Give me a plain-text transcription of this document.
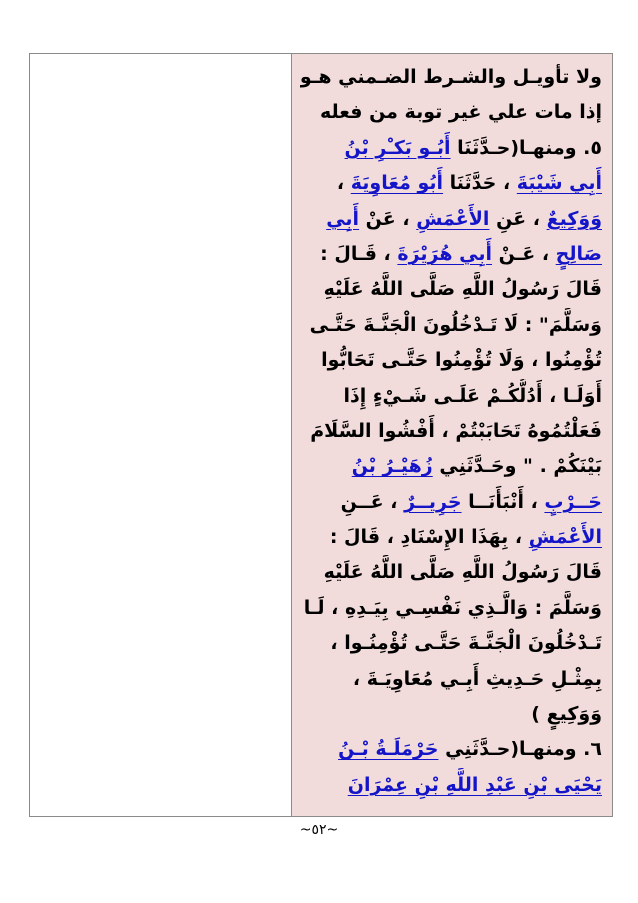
ولا تأويـل والشـرط الضـمني هـو
إذا مات علي غير توبة من فعله
٥. ومنهـا(حـدَّثَنَا أَبُـو بَكـْرِ بْنُ
أَبِي شَيْبَةَ ، حَدَّثَنَا أَبُو مُعَاوِيَةَ ،
وَوَكِيعٌ ، عَنِ الأَعْمَشِ ، عَنْ أَبِي
صَالِحٍ ، عَـنْ أَبِي هُرَيْرَةَ ، قَـالَ :
قَالَ رَسُولُ اللَّهِ صَلَّى اللَّهُ عَلَيْهِ
وَسَلَّمَ" : لَا تَـدْخُلُونَ الْجَنَّـةَ حَتَّـى
تُؤْمِنُوا ، وَلَا تُؤْمِنُوا حَتَّـى تَحَابُّوا
أَوَلَـا ، أَدُلُّكُـمْ عَلَـى شَـيْءٍ إِذَا
فَعَلْتُمُوهُ تَحَابَبْتُمْ ، أَفْشُوا السَّلَامَ
بَيْنَكُمْ . " وحَـدَّثَنِي زُهَيْـرُ بْنُ
حَــرْبٍ ، أَنْبَأَنَــا جَرِيــرٌ ، عَــنِ
الأَعْمَشِ ، بِهَذَا الإِسْنَادِ ، قَالَ :
قَالَ رَسُولُ اللَّهِ صَلَّى اللَّهُ عَلَيْهِ
وَسَلَّمَ : وَالَّـذِي نَفْسِـي بِيَـدِهِ ، لَـا
تَـدْخُلُونَ الْجَنَّـةَ حَتَّـى تُؤْمِنُـوا ،
بِمِثْـلِ حَـدِيثِ أَبِـي مُعَاوِيَـةَ ،
وَوَكِيعٍ )
٦. ومنهـا(حـدَّثَنِي حَرْمَلَـةُ بْـنُ
يَحْيَى بْنِ عَبْدِ اللَّهِ بْنِ عِمْرَانَ
~٥٢~
